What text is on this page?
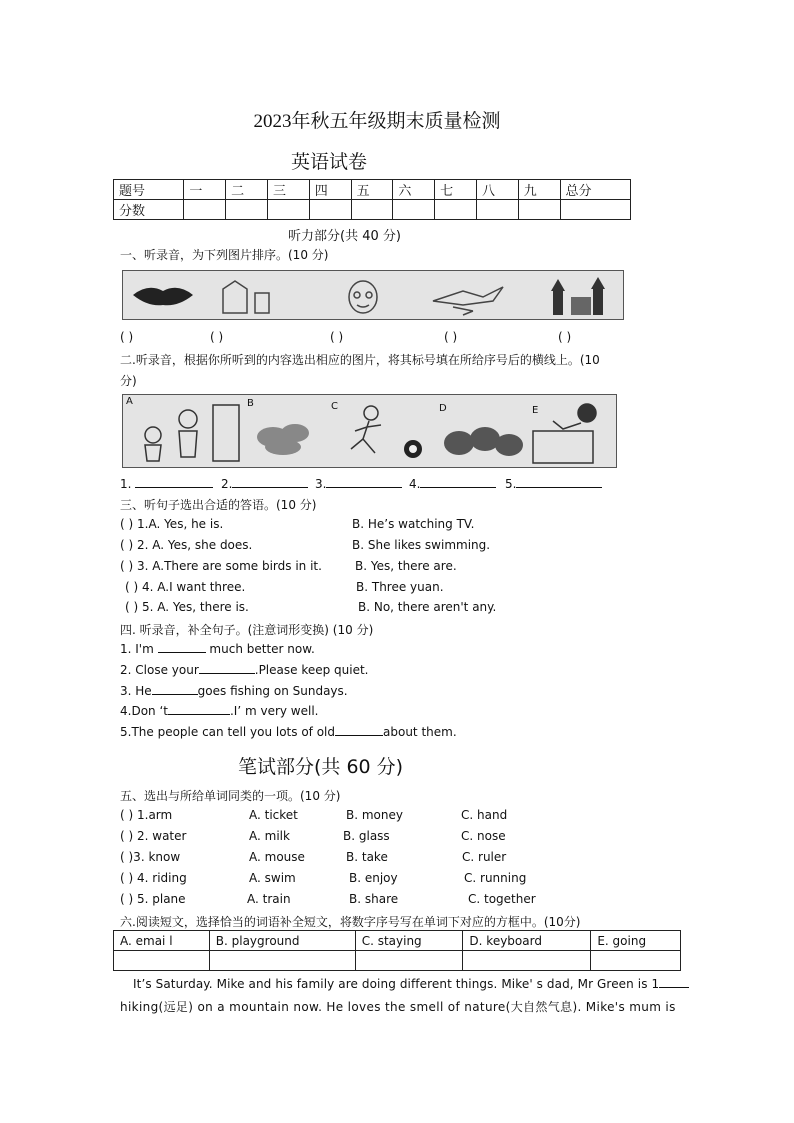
2023年秋五年级期末质量检测
英语试卷
题号	一	二	三	四	五	六	七	八	九	总分
分数										
听力部分(共 40 分)
一、听录音，为下列图片排序。(10 分)
( )	( )	( )	( )	( )
二.听录音，根据你所听到的内容选出相应的图片，将其标号填在所给序号后的横线上。(10
分)
A	B	C	D	E
1.	2.	3.	4.	5.
三、听句子选出合适的答语。(10 分)
( ) 1.A. Yes, he is.	B. He’s watching TV.
( ) 2. A. Yes, she does.	B. She likes swimming.
( ) 3. A.There are some birds in it.	B. Yes, there are.
( ) 4. A.I want three.	B. Three yuan.
( ) 5. A. Yes, there is.	B. No, there aren't any.
四. 听录音，补全句子。(注意词形变换) (10 分)
1. I'm	much better now.
2. Close your	.Please keep quiet.
3. He	goes fishing on Sundays.
4.Don ‘t	.I’ m very well.
5.The people can tell you lots of old	about them.
笔试部分(共 60 分)
五、选出与所给单词同类的一项。(10 分)
( ) 1.arm	A. ticket	B. money	C. hand
( ) 2. water	A. milk	B. glass	C. nose
( )3. know	A. mouse	B. take	C. ruler
( ) 4. riding	A. swim	B. enjoy	C. running
( ) 5. plane	A. train	B. share	C. together
六.阅读短文，选择恰当的词语补全短文，将数字序号写在单词下对应的方框中。(10分)
A. emai l	B. playground	C. staying	D. keyboard	E. going

It’s Saturday. Mike and his family are doing different things. Mike' s dad, Mr Green is 1
hiking(远足) on a mountain now. He loves the smell of nature(大自然气息). Mike's mum is
